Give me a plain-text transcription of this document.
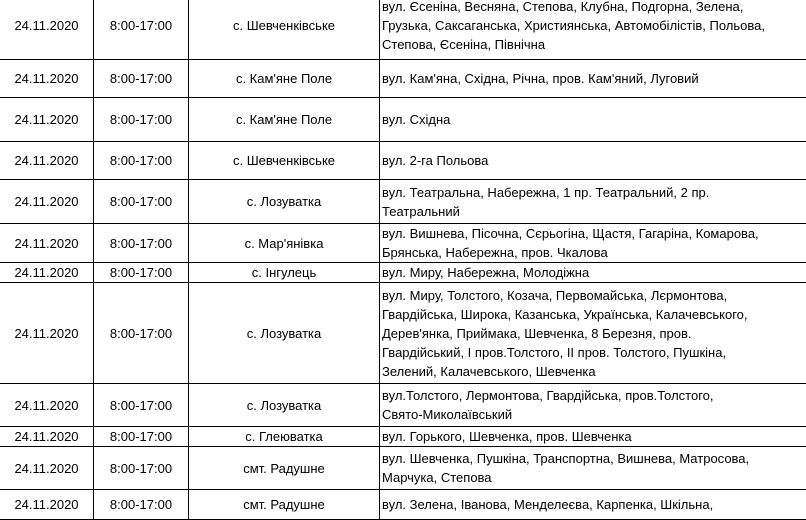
24.11.2020	8:00-17:00	с. Шевченківське	вул. Єсеніна, Весняна, Степова, Клубна, Подгорна, Зелена,
Грузька, Саксаганська, Християнська, Автомобілістів, Польова,
Степова, Єсеніна, Північна
24.11.2020	8:00-17:00	с. Кам'яне Поле	вул. Кам'яна, Східна, Річна, пров. Кам'яний, Луговий
24.11.2020	8:00-17:00	с. Кам'яне Поле	вул. Східна
24.11.2020	8:00-17:00	с. Шевченківське	вул. 2-га Польова
24.11.2020	8:00-17:00	с. Лозуватка	вул. Театральна, Набережна, 1 пр. Театральний, 2 пр.
Театральний
24.11.2020	8:00-17:00	с. Мар'янівка	вул. Вишнева, Пісочна, Сєрьогіна, Щастя, Гагаріна, Комарова,
Брянська, Набережна, пров. Чкалова
24.11.2020	8:00-17:00	с. Інгулець	вул. Миру, Набережна, Молодіжна
24.11.2020	8:00-17:00	с. Лозуватка	вул. Миру, Толстого, Козача, Первомайська, Лєрмонтова,
Гвардійська, Широка, Казанська, Українська, Калачевського,
Дерев'янка, Приймака, Шевченка, 8 Березня, пров.
Гвардійський, І пров.Толстого, ІІ пров. Толстого, Пушкіна,
Зелений, Калачевського, Шевченка
24.11.2020	8:00-17:00	с. Лозуватка	вул.Толстого, Лермонтова, Гвардійська, пров.Толстого,
Свято-Миколаївський
24.11.2020	8:00-17:00	с. Глеюватка	вул. Горького, Шевченка, пров. Шевченка
24.11.2020	8:00-17:00	смт. Радушне	вул. Шевченка, Пушкіна, Транспортна, Вишнева, Матросова,
Марчука, Степова
24.11.2020	8:00-17:00	смт. Радушне	вул. Зелена, Іванова, Менделеєва, Карпенка, Шкільна,
